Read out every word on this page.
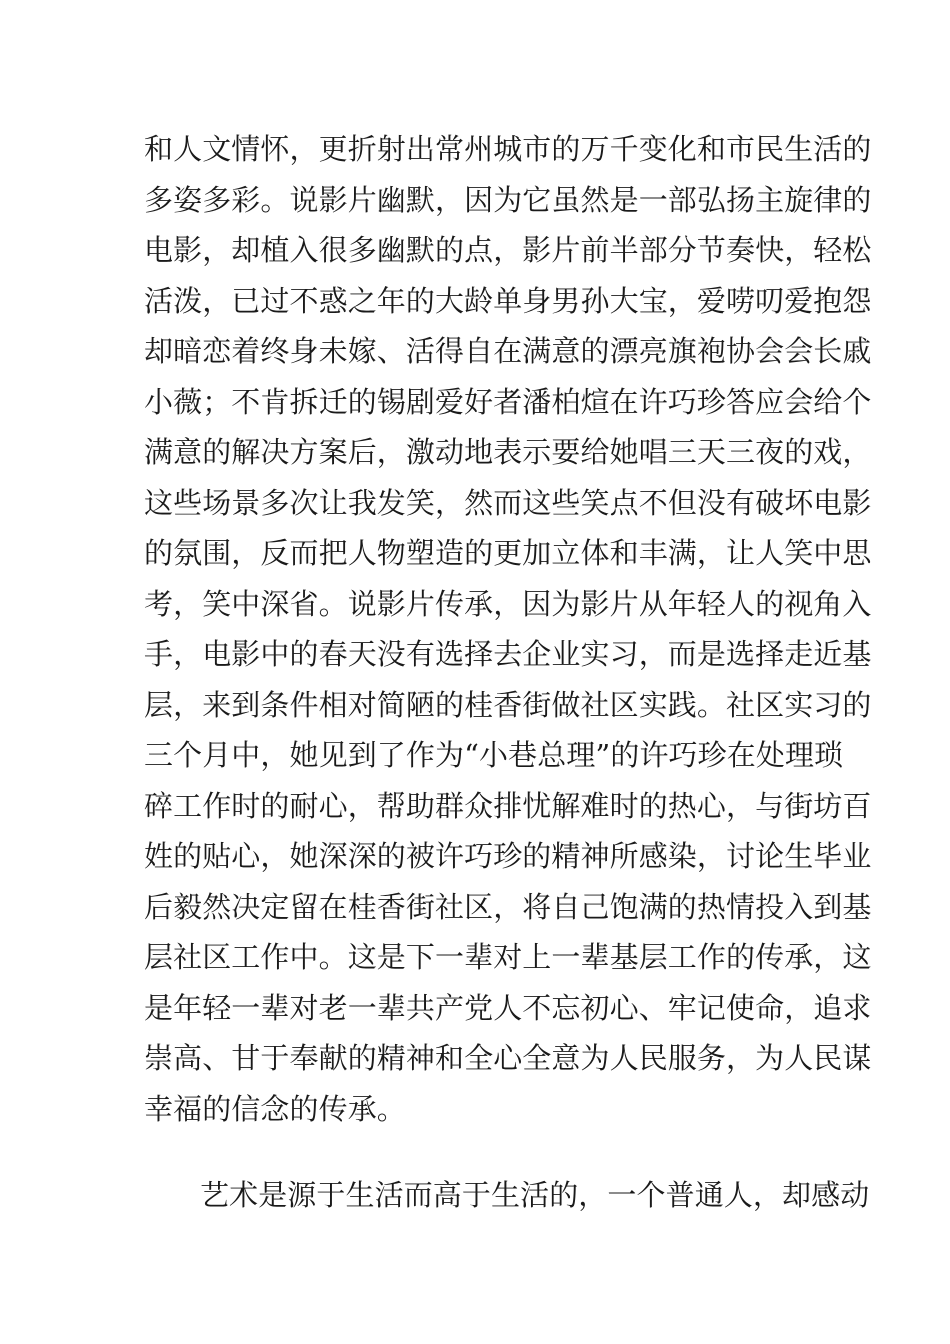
和人文情怀，更折射出常州城市的万千变化和市民生活的
多姿多彩。说影片幽默，因为它虽然是一部弘扬主旋律的
电影，却植入很多幽默的点，影片前半部分节奏快，轻松
活泼，已过不惑之年的大龄单身男孙大宝，爱唠叨爱抱怨
却暗恋着终身未嫁、活得自在满意的漂亮旗袍协会会长戚
小薇；不肯拆迁的锡剧爱好者潘柏煊在许巧珍答应会给个
满意的解决方案后，激动地表示要给她唱三天三夜的戏，
这些场景多次让我发笑，然而这些笑点不但没有破坏电影
的氛围，反而把人物塑造的更加立体和丰满，让人笑中思
考，笑中深省。说影片传承，因为影片从年轻人的视角入
手，电影中的春天没有选择去企业实习，而是选择走近基
层，来到条件相对简陋的桂香街做社区实践。社区实习的
三个月中，她见到了作为“小巷总理”的许巧珍在处理琐
碎工作时的耐心，帮助群众排忧解难时的热心，与街坊百
姓的贴心，她深深的被许巧珍的精神所感染，讨论生毕业
后毅然决定留在桂香街社区，将自己饱满的热情投入到基
层社区工作中。这是下一辈对上一辈基层工作的传承，这
是年轻一辈对老一辈共产党人不忘初心、牢记使命，追求
崇高、甘于奉献的精神和全心全意为人民服务，为人民谋
幸福的信念的传承。
艺术是源于生活而高于生活的，一个普通人，却感动
